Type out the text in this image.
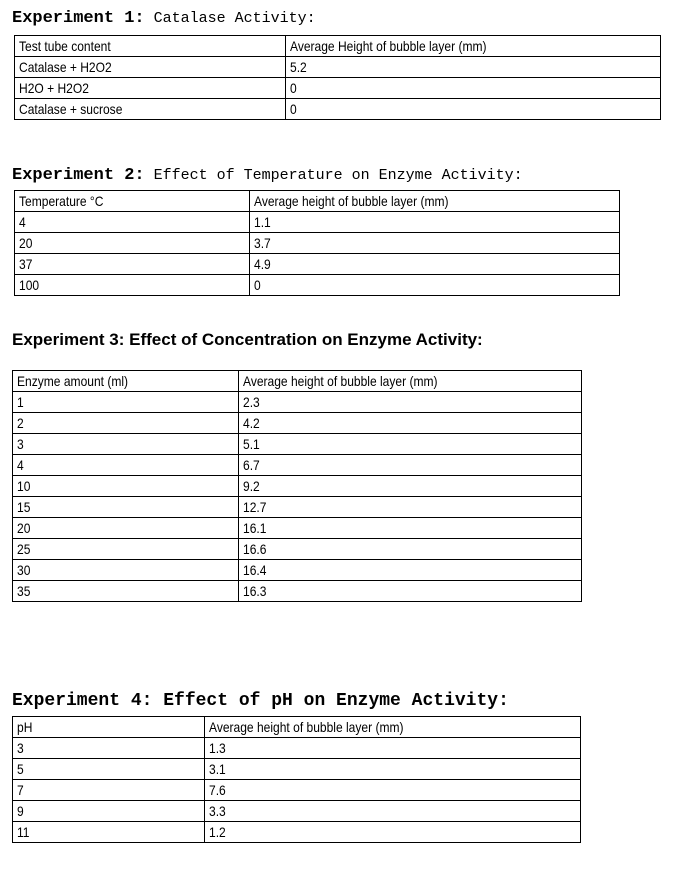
Experiment 1: Catalase Activity:
Test tube content	Average Height of bubble layer (mm)
Catalase + H2O2	5.2
H2O + H2O2	0
Catalase + sucrose	0
Experiment 2: Effect of Temperature on Enzyme Activity:
Temperature °C	Average height of bubble layer (mm)
4	1.1
20	3.7
37	4.9
100	0
Experiment 3: Effect of Concentration on Enzyme Activity:
Enzyme amount (ml)	Average height of bubble layer (mm)
1	2.3
2	4.2
3	5.1
4	6.7
10	9.2
15	12.7
20	16.1
25	16.6
30	16.4
35	16.3
Experiment 4: Effect of pH on Enzyme Activity:
pH	Average height of bubble layer (mm)
3	1.3
5	3.1
7	7.6
9	3.3
11	1.2
